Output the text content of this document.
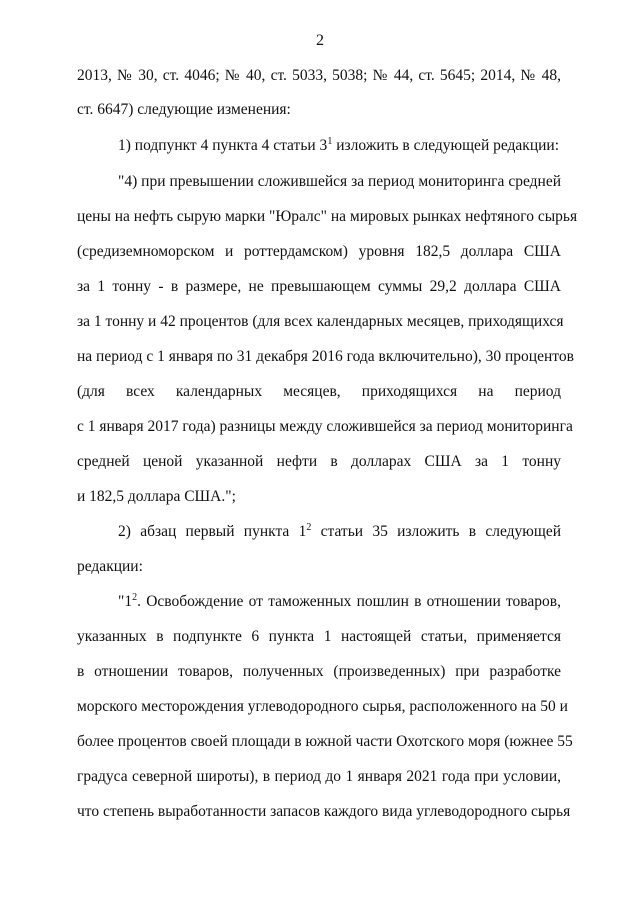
2
2013, № 30, ст. 4046; № 40, ст. 5033, 5038; № 44, ст. 5645; 2014, № 48,
ст. 6647) следующие изменения:
1) подпункт 4 пункта 4 статьи $3^1$ изложить в следующей редакции:
"4) при превышении сложившейся за период мониторинга средней
цены на нефть сырую марки "Юралс" на мировых рынках нефтяного сырья
(средиземноморском и роттердамском) уровня 182,5 доллара США
за 1 тонну - в размере, не превышающем суммы 29,2 доллара США
за 1 тонну и 42 процентов (для всех календарных месяцев, приходящихся
на период с 1 января по 31 декабря 2016 года включительно), 30 процентов
(для всех календарных месяцев, приходящихся на период
с 1 января 2017 года) разницы между сложившейся за период мониторинга
средней ценой указанной нефти в долларах США за 1 тонну
и 182,5 доллара США.";
2) абзац первый пункта $1^2$ статьи 35 изложить в следующей
редакции:
"$1^2$. Освобождение от таможенных пошлин в отношении товаров,
указанных в подпункте 6 пункта 1 настоящей статьи, применяется
в отношении товаров, полученных (произведенных) при разработке
морского месторождения углеводородного сырья, расположенного на 50 и
более процентов своей площади в южной части Охотского моря (южнее 55
градуса северной широты), в период до 1 января 2021 года при условии,
что степень выработанности запасов каждого вида углеводородного сырья
